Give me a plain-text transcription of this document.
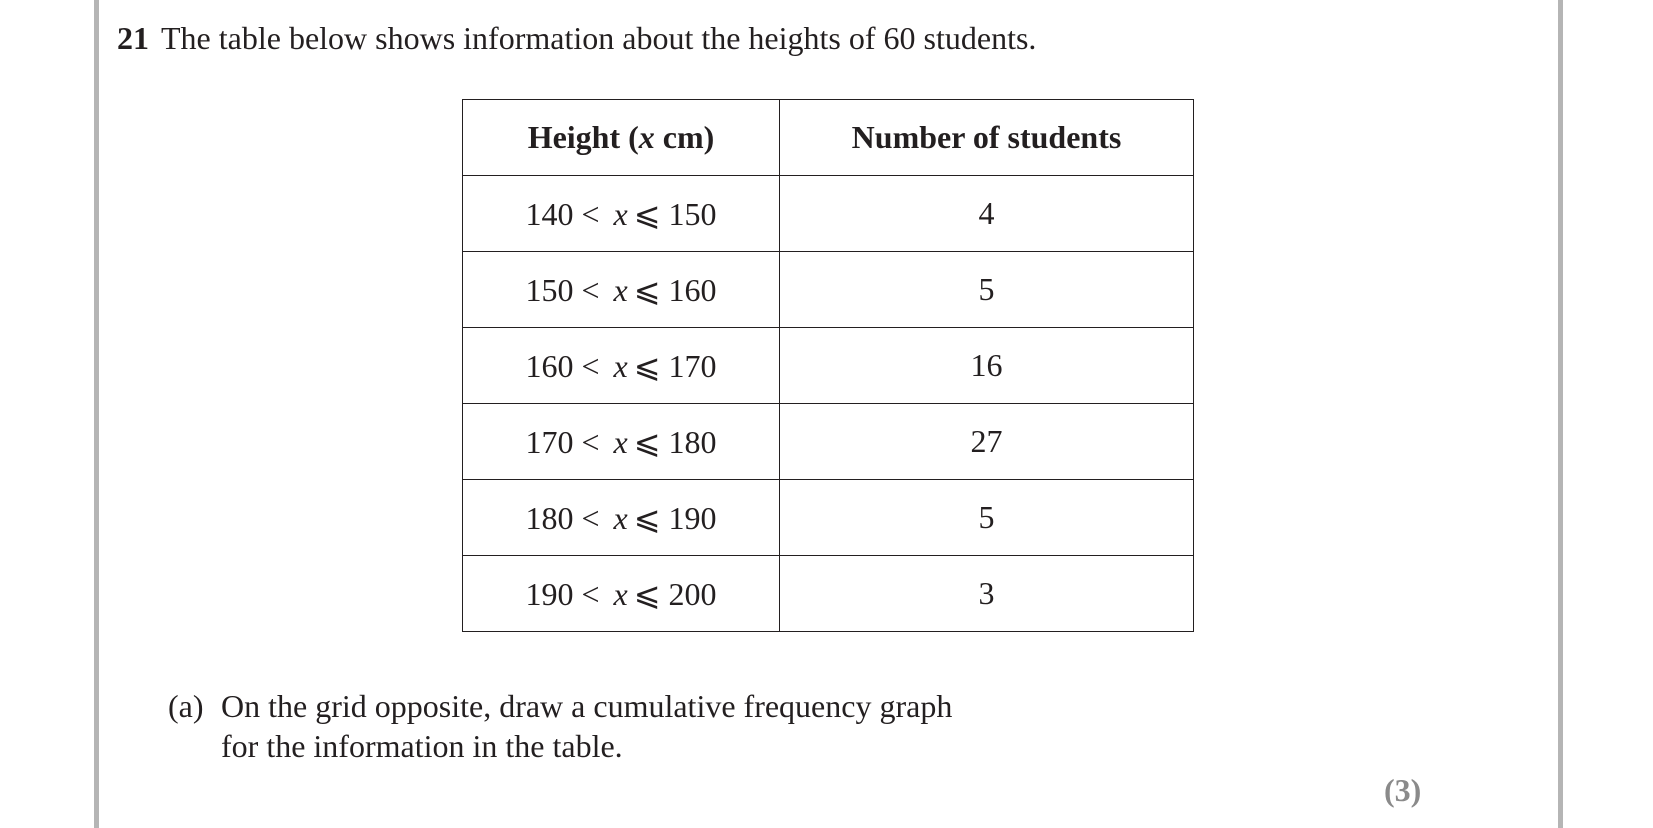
21 The table below shows information about the heights of 60 students.
Height (x cm)	Number of students
140 < x ⩽ 150	4
150 < x ⩽ 160	5
160 < x ⩽ 170	16
170 < x ⩽ 180	27
180 < x ⩽ 190	5
190 < x ⩽ 200	3
(a) On the grid opposite, draw a cumulative frequency graph
for the information in the table.
(3)
